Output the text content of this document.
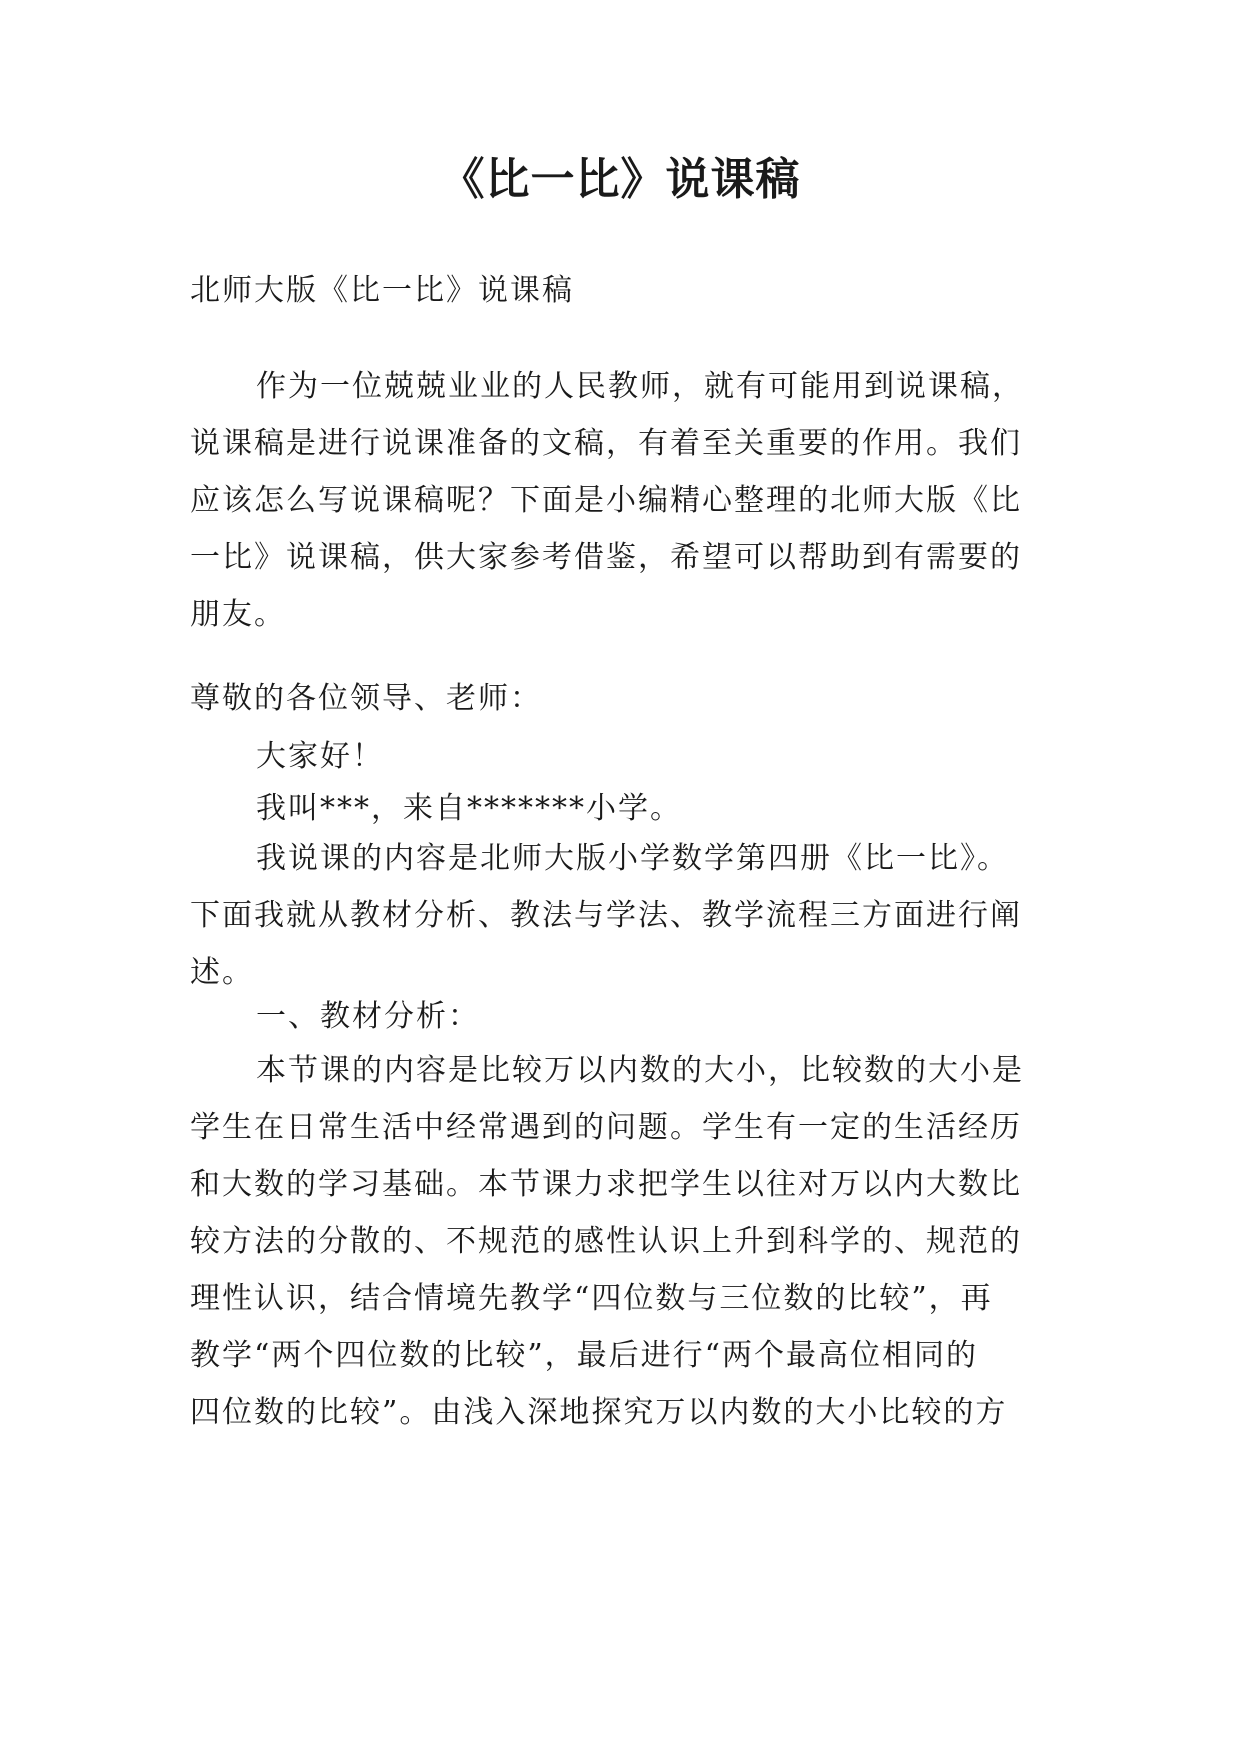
《比一比》说课稿

北师大版《比一比》说课稿

作为一位兢兢业业的人民教师，就有可能用到说课稿，
说课稿是进行说课准备的文稿，有着至关重要的作用。我们
应该怎么写说课稿呢？下面是小编精心整理的北师大版《比
一比》说课稿，供大家参考借鉴，希望可以帮助到有需要的
朋友。

尊敬的各位领导、老师：

大家好！

我叫***，来自*******小学。

我说课的内容是北师大版小学数学第四册《比一比》。
下面我就从教材分析、教法与学法、教学流程三方面进行阐
述。

一、教材分析：

本节课的内容是比较万以内数的大小，比较数的大小是
学生在日常生活中经常遇到的问题。学生有一定的生活经历
和大数的学习基础。本节课力求把学生以往对万以内大数比
较方法的分散的、不规范的感性认识上升到科学的、规范的
理性认识，结合情境先教学“四位数与三位数的比较”，再
教学“两个四位数的比较”，最后进行“两个最高位相同的
四位数的比较”。由浅入深地探究万以内数的大小比较的方
